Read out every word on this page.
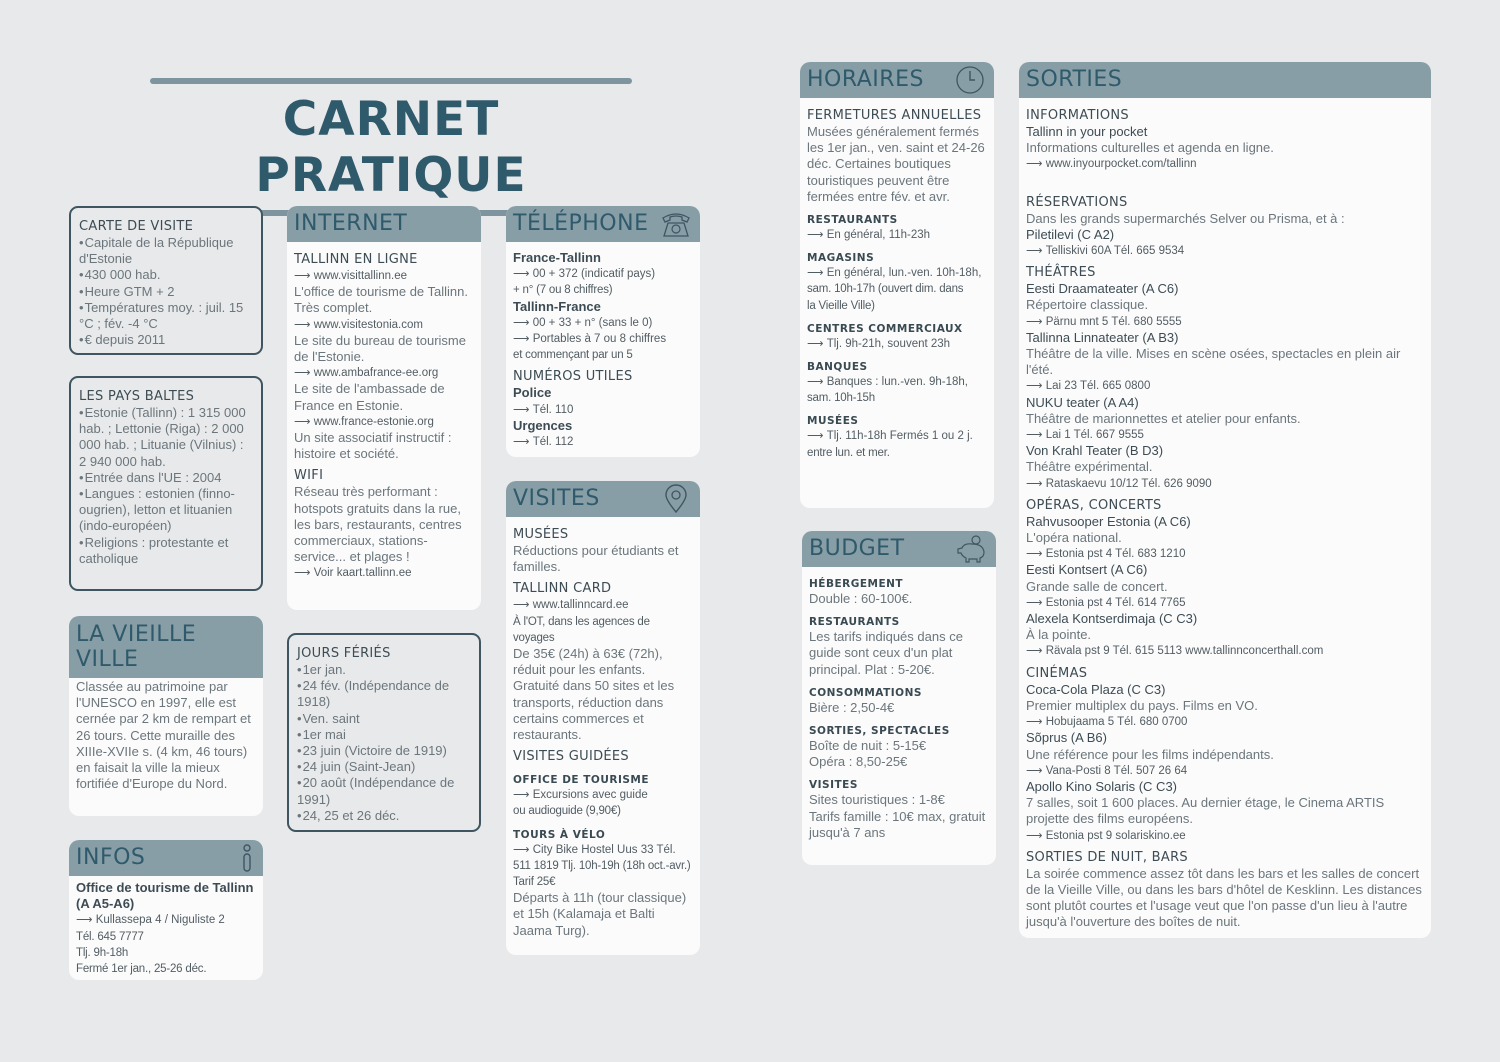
CARNET PRATIQUE
CARTE DE VISITE
• Capitale de la République d'Estonie
• 430 000 hab.
• Heure GTM + 2
• Températures moy. : juil. 15 °C ; fév. -4 °C
• € depuis 2011
LES PAYS BALTES
• Estonie (Tallinn) : 1 315 000 hab. ; Lettonie (Riga) : 2 000 000 hab. ; Lituanie (Vilnius) : 2 940 000 hab.
• Entrée dans l'UE : 2004
• Langues : estonien (finno-ougrien), letton et lituanien (indo-européen)
• Religions : protestante et catholique
LA VIEILLE VILLE
Classée au patrimoine par l'UNESCO en 1997, elle est cernée par 2 km de rempart et 26 tours. Cette muraille des XIIIe-XVIIe s. (4 km, 46 tours) en faisait la ville la mieux fortifiée d'Europe du Nord.
INFOS
Office de tourisme de Tallinn (A A5-A6)
⟶ Kullassepa 4 / Niguliste 2
Tél. 645 7777
Tlj. 9h-18h
Fermé 1er jan., 25-26 déc.
INTERNET
TALLINN EN LIGNE
⟶ www.visittallinn.ee
L'office de tourisme de Tallinn. Très complet.
⟶ www.visitestonia.com
Le site du bureau de tourisme de l'Estonie.
⟶ www.ambafrance-ee.org
Le site de l'ambassade de France en Estonie.
⟶ www.france-estonie.org
Un site associatif instructif : histoire et société.
WIFI
Réseau très performant : hotspots gratuits dans la rue, les bars, restaurants, centres commerciaux, stations-service... et plages !
⟶ Voir kaart.tallinn.ee
JOURS FÉRIÉS
• 1er jan.
• 24 fév. (Indépendance de 1918)
• Ven. saint
• 1er mai
• 23 juin (Victoire de 1919)
• 24 juin (Saint-Jean)
• 20 août (Indépendance de 1991)
• 24, 25 et 26 déc.
TÉLÉPHONE
France-Tallinn
⟶ 00 + 372 (indicatif pays)
+ n° (7 ou 8 chiffres)
Tallinn-France
⟶ 00 + 33 + n° (sans le 0)
⟶ Portables à 7 ou 8 chiffres
et commençant par un 5
NUMÉROS UTILES
Police
⟶ Tél. 110
Urgences
⟶ Tél. 112
VISITES
MUSÉES
Réductions pour étudiants et familles.
TALLINN CARD
⟶ www.tallinncard.ee
À l'OT, dans les agences de voyages
De 35€ (24h) à 63€ (72h), réduit pour les enfants. Gratuité dans 50 sites et les transports, réduction dans certains commerces et restaurants.
VISITES GUIDÉES
OFFICE DE TOURISME
⟶ Excursions avec guide
ou audioguide (9,90€)
TOURS À VÉLO
⟶ City Bike Hostel Uus 33 Tél.
511 1819 Tlj. 10h-19h (18h oct.-avr.)
Tarif 25€
Départs à 11h (tour classique) et 15h (Kalamaja et Balti Jaama Turg).
HORAIRES
FERMETURES ANNUELLES
Musées généralement fermés les 1er jan., ven. saint et 24-26 déc. Certaines boutiques touristiques peuvent être fermées entre fév. et avr.
RESTAURANTS
⟶ En général, 11h-23h
MAGASINS
⟶ En général, lun.-ven. 10h-18h,
sam. 10h-17h (ouvert dim. dans
la Vieille Ville)
CENTRES COMMERCIAUX
⟶ Tlj. 9h-21h, souvent 23h
BANQUES
⟶ Banques : lun.-ven. 9h-18h,
sam. 10h-15h
MUSÉES
⟶ Tlj. 11h-18h Fermés 1 ou 2 j.
entre lun. et mer.
BUDGET
HÉBERGEMENT
Double : 60-100€.
RESTAURANTS
Les tarifs indiqués dans ce guide sont ceux d'un plat principal. Plat : 5-20€.
CONSOMMATIONS
Bière : 2,50-4€
SORTIES, SPECTACLES
Boîte de nuit : 5-15€
Opéra : 8,50-25€
VISITES
Sites touristiques : 1-8€
Tarifs famille : 10€ max, gratuit jusqu'à 7 ans
SORTIES
INFORMATIONS
Tallinn in your pocket
Informations culturelles et agenda en ligne.
⟶ www.inyourpocket.com/tallinn
RÉSERVATIONS
Dans les grands supermarchés Selver ou Prisma, et à :
Piletilevi (C A2)
⟶ Telliskivi 60A Tél. 665 9534
THÉÂTRES
Eesti Draamateater (A C6)
Répertoire classique.
⟶ Pärnu mnt 5 Tél. 680 5555
Tallinna Linnateater (A B3)
Théâtre de la ville. Mises en scène osées, spectacles en plein air l'été.
⟶ Lai 23 Tél. 665 0800
NUKU teater (A A4)
Théâtre de marionnettes et atelier pour enfants.
⟶ Lai 1 Tél. 667 9555
Von Krahl Teater (B D3)
Théâtre expérimental.
⟶ Rataskaevu 10/12 Tél. 626 9090
OPÉRAS, CONCERTS
Rahvusooper Estonia (A C6)
L'opéra national.
⟶ Estonia pst 4 Tél. 683 1210
Eesti Kontsert (A C6)
Grande salle de concert.
⟶ Estonia pst 4 Tél. 614 7765
Alexela Kontserdimaja (C C3)
À la pointe.
⟶ Rävala pst 9 Tél. 615 5113 www.tallinnconcerthall.com
CINÉMAS
Coca-Cola Plaza (C C3)
Premier multiplex du pays. Films en VO.
⟶ Hobujaama 5 Tél. 680 0700
Sõprus (A B6)
Une référence pour les films indépendants.
⟶ Vana-Posti 8 Tél. 507 26 64
Apollo Kino Solaris (C C3)
7 salles, soit 1 600 places. Au dernier étage, le Cinema ARTIS projette des films européens.
⟶ Estonia pst 9 solariskino.ee
SORTIES DE NUIT, BARS
La soirée commence assez tôt dans les bars et les salles de concert de la Vieille Ville, ou dans les bars d'hôtel de Kesklinn. Les distances sont plutôt courtes et l'usage veut que l'on passe d'un lieu à l'autre jusqu'à l'ouverture des boîtes de nuit.
